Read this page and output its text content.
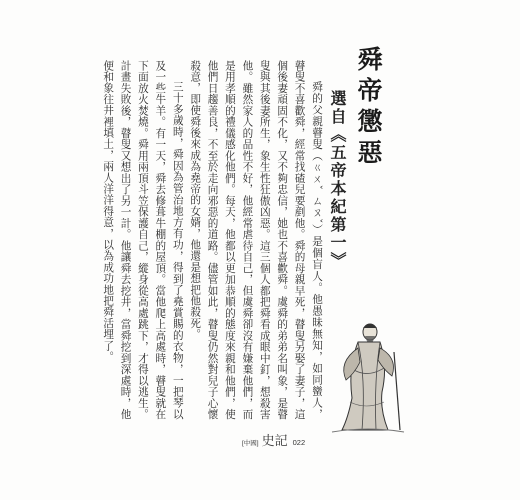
舜的父親瞽叟（ㄍㄨˇ ㄙㄡˇ）是個盲人。他愚昧無知，如同蠻人，瞽叟不喜歡舜，經常找碴兒要剷他。舜的母親早死，瞽叟另娶了妻子，這個後妻頑固不化，又不夠忠信，她也不喜歡舜。虞舜的弟弟名叫象，是瞽叟與其後妻所生，象生性狂傲凶惡。這三個人都把舜看成眼中釘，想殺害他。雖然家人的品性不好，他經常虐待自己，但虞舜卻沒有嫌棄他們，而是用孝順的禮儀感化他們。每天，他都以更加恭順的態度來親和他們，使他們日趨善良，不至於走向邪惡的道路。儘管如此，瞽叟仍然對兒子心懷殺意，即使舜後來成為堯帝的女婿，他還是想把他殺死。

三十多歲時，舜因為管治地方有功，得到了堯賞賜的衣物，一把琴以及一些牛羊。有一天，舜去修葺牛棚的屋頂。當他爬上高處時，瞽叟就在下面放火焚燒。舜用兩頂斗笠保護自己，縱身從高處跳下，才得以逃生。計畫失敗後，瞽叟又想出了另一計。他讓舜去挖井，當舜挖到深處時，他便和象往井裡填土，兩人洋洋得意，以為成功地把舜活埋了。	舜帝懲惡
選自《五帝本紀第一》
[中國] 史記 022
